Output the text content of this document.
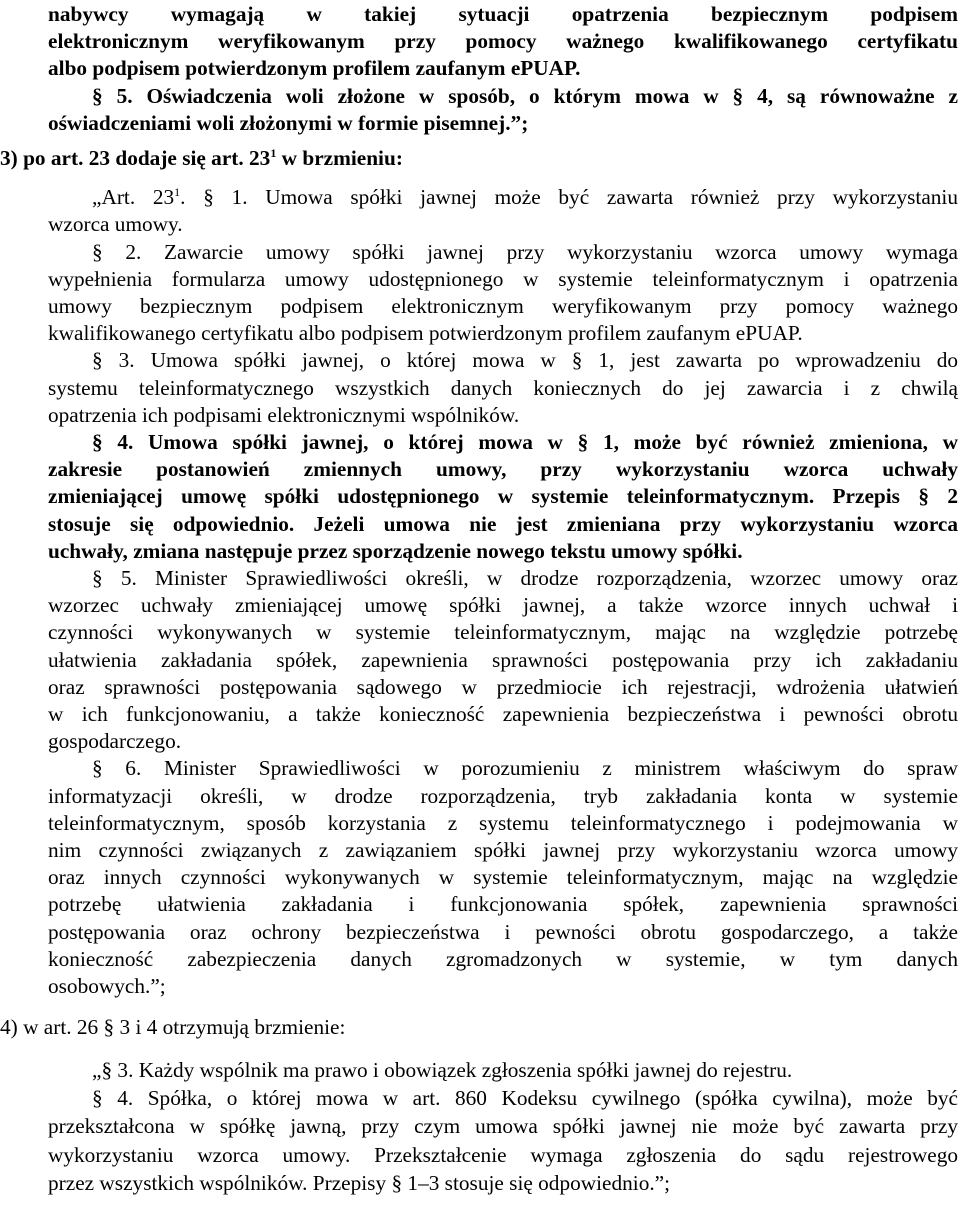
nabywcy wymagają w takiej sytuacji opatrzenia bezpiecznym podpisem
elektronicznym weryfikowanym przy pomocy ważnego kwalifikowanego certyfikatu
albo podpisem potwierdzonym profilem zaufanym ePUAP.
§ 5. Oświadczenia woli złożone w sposób, o którym mowa w § 4, są równoważne z
oświadczeniami woli złożonymi w formie pisemnej.”;
3) po art. 23 dodaje się art. $23^1$ w brzmieniu:
„Art. $23^1$. § 1. Umowa spółki jawnej może być zawarta również przy wykorzystaniu
wzorca umowy.
§ 2. Zawarcie umowy spółki jawnej przy wykorzystaniu wzorca umowy wymaga
wypełnienia formularza umowy udostępnionego w systemie teleinformatycznym i opatrzenia
umowy bezpiecznym podpisem elektronicznym weryfikowanym przy pomocy ważnego
kwalifikowanego certyfikatu albo podpisem potwierdzonym profilem zaufanym ePUAP.
§ 3. Umowa spółki jawnej, o której mowa w § 1, jest zawarta po wprowadzeniu do
systemu teleinformatycznego wszystkich danych koniecznych do jej zawarcia i z chwilą
opatrzenia ich podpisami elektronicznymi wspólników.
§ 4. Umowa spółki jawnej, o której mowa w § 1, może być również zmieniona, w
zakresie postanowień zmiennych umowy, przy wykorzystaniu wzorca uchwały
zmieniającej umowę spółki udostępnionego w systemie teleinformatycznym. Przepis § 2
stosuje się odpowiednio. Jeżeli umowa nie jest zmieniana przy wykorzystaniu wzorca
uchwały, zmiana następuje przez sporządzenie nowego tekstu umowy spółki.
§ 5. Minister Sprawiedliwości określi, w drodze rozporządzenia, wzorzec umowy oraz
wzorzec uchwały zmieniającej umowę spółki jawnej, a także wzorce innych uchwał i
czynności wykonywanych w systemie teleinformatycznym, mając na względzie potrzebę
ułatwienia zakładania spółek, zapewnienia sprawności postępowania przy ich zakładaniu
oraz sprawności postępowania sądowego w przedmiocie ich rejestracji, wdrożenia ułatwień
w ich funkcjonowaniu, a także konieczność zapewnienia bezpieczeństwa i pewności obrotu
gospodarczego.
§ 6. Minister Sprawiedliwości w porozumieniu z ministrem właściwym do spraw
informatyzacji określi, w drodze rozporządzenia, tryb zakładania konta w systemie
teleinformatycznym, sposób korzystania z systemu teleinformatycznego i podejmowania w
nim czynności związanych z zawiązaniem spółki jawnej przy wykorzystaniu wzorca umowy
oraz innych czynności wykonywanych w systemie teleinformatycznym, mając na względzie
potrzebę ułatwienia zakładania i funkcjonowania spółek, zapewnienia sprawności
postępowania oraz ochrony bezpieczeństwa i pewności obrotu gospodarczego, a także
konieczność zabezpieczenia danych zgromadzonych w systemie, w tym danych
osobowych.”;
4) w art. 26 § 3 i 4 otrzymują brzmienie:
„§ 3. Każdy wspólnik ma prawo i obowiązek zgłoszenia spółki jawnej do rejestru.
§ 4. Spółka, o której mowa w art. 860 Kodeksu cywilnego (spółka cywilna), może być
przekształcona w spółkę jawną, przy czym umowa spółki jawnej nie może być zawarta przy
wykorzystaniu wzorca umowy. Przekształcenie wymaga zgłoszenia do sądu rejestrowego
przez wszystkich wspólników. Przepisy § 1–3 stosuje się odpowiednio.”;
